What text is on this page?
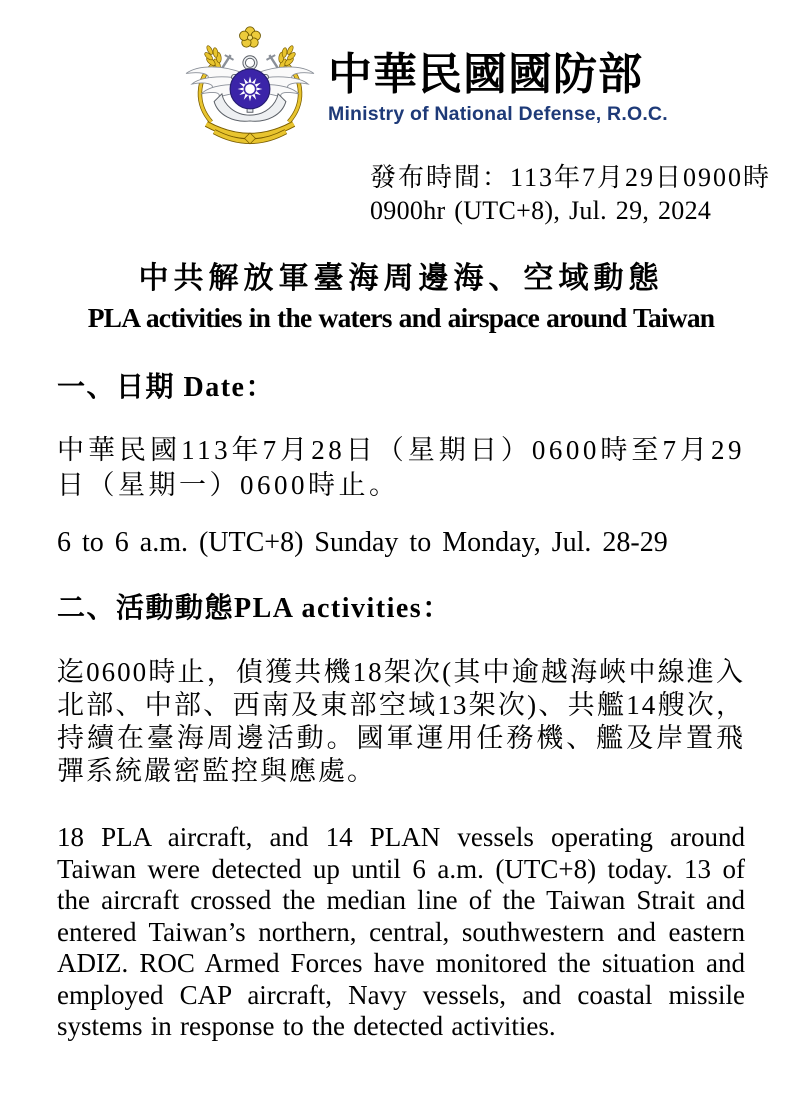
中華民國國防部
Ministry of National Defense, R.O.C.
發布時間：113年7月29日0900時
0900hr (UTC+8), Jul. 29, 2024
中共解放軍臺海周邊海、空域動態
PLA activities in the waters and airspace around Taiwan
一、日期 Date：
中華民國113年7月28日（星期日）0600時至7月29日（星期一）0600時止。
6 to 6 a.m. (UTC+8) Sunday to Monday, Jul. 28-29
二、活動動態PLA activities：
迄0600時止，偵獲共機18架次(其中逾越海峽中線進入北部、中部、西南及東部空域13架次)、共艦14艘次，持續在臺海周邊活動。國軍運用任務機、艦及岸置飛彈系統嚴密監控與應處。
18 PLA aircraft, and 14 PLAN vessels operating around Taiwan were detected up until 6 a.m. (UTC+8) today. 13 of the aircraft crossed the median line of the Taiwan Strait and entered Taiwan’s northern, central, southwestern and eastern ADIZ. ROC Armed Forces have monitored the situation and employed CAP aircraft, Navy vessels, and coastal missile systems in response to the detected activities.
